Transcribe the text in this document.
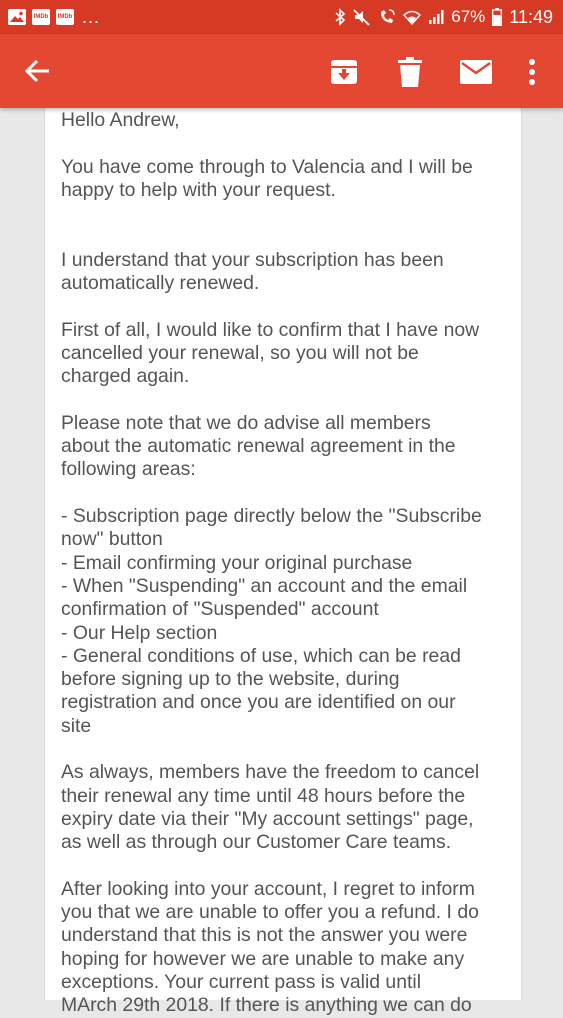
IMDb IMDb ...	67% 11:49
Hello Andrew,
You have come through to Valencia and I will be
happy to help with your request.
I understand that your subscription has been
automatically renewed.
First of all, I would like to confirm that I have now
cancelled your renewal, so you will not be
charged again.
Please note that we do advise all members
about the automatic renewal agreement in the
following areas:
- Subscription page directly below the "Subscribe
now" button
- Email confirming your original purchase
- When "Suspending" an account and the email
confirmation of "Suspended" account
- Our Help section
- General conditions of use, which can be read
before signing up to the website, during
registration and once you are identified on our
site
As always, members have the freedom to cancel
their renewal any time until 48 hours before the
expiry date via their "My account settings" page,
as well as through our Customer Care teams.
After looking into your account, I regret to inform
you that we are unable to offer you a refund. I do
understand that this is not the answer you were
hoping for however we are unable to make any
exceptions. Your current pass is valid until
MArch 29th 2018. If there is anything we can do
